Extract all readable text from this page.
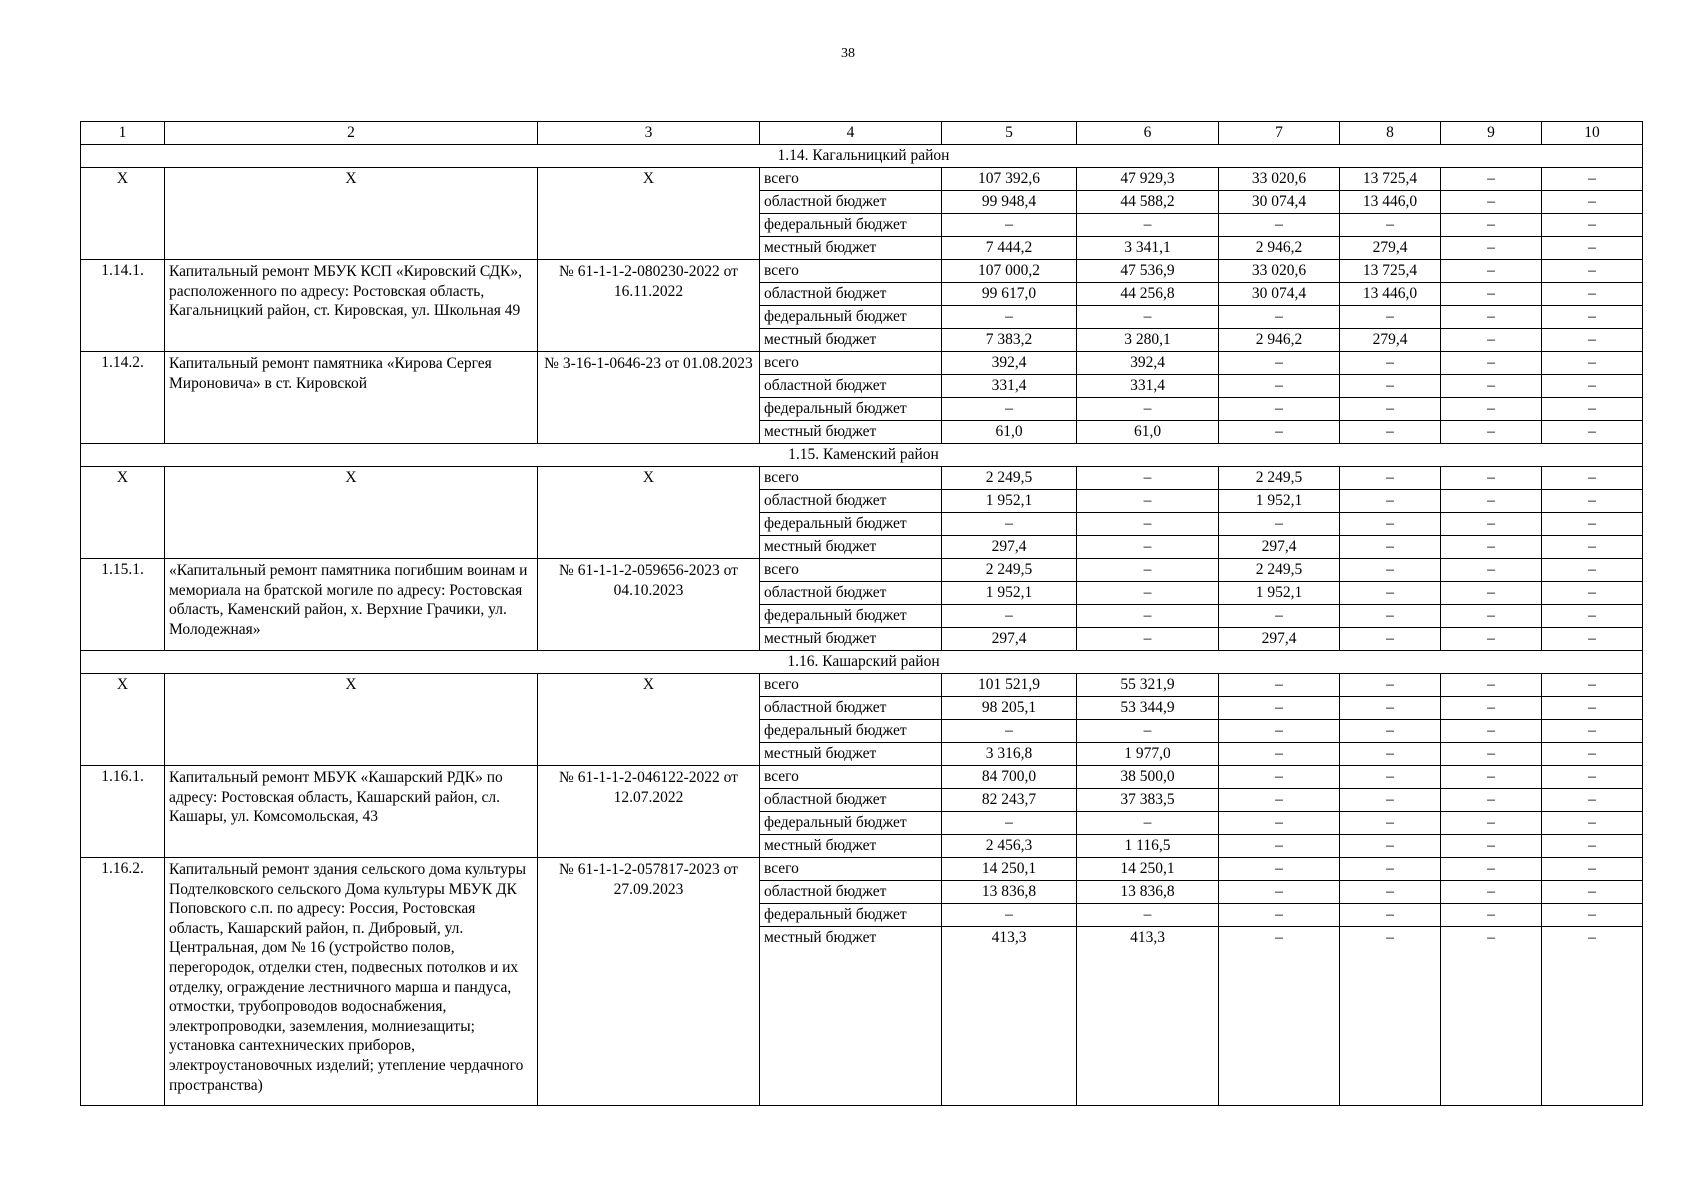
38
1	2	3	4	5	6	7	8	9	10
1.14. Кагальницкий район									
X	X	X	всего	107 392,6	47 929,3	33 020,6	13 725,4	–	–
			областной бюджет	99 948,4	44 588,2	30 074,4	13 446,0	–	–
			федеральный бюджет	–	–	–	–	–	–
			местный бюджет	7 444,2	3 341,1	2 946,2	279,4	–	–
1.14.1.	Капитальный ремонт МБУК КСП «Кировский СДК», расположенного по адресу: Ростовская область, Кагальницкий район, ст. Кировская, ул. Школьная 49	№ 61-1-1-2-080230-2022 от 16.11.2022	всего	107 000,2	47 536,9	33 020,6	13 725,4	–	–
			областной бюджет	99 617,0	44 256,8	30 074,4	13 446,0	–	–
			федеральный бюджет	–	–	–	–	–	–
			местный бюджет	7 383,2	3 280,1	2 946,2	279,4	–	–
1.14.2.	Капитальный ремонт памятника «Кирова Сергея Мироновича» в ст. Кировской	№ 3-16-1-0646-23 от 01.08.2023	всего	392,4	392,4	–	–	–	–
			областной бюджет	331,4	331,4	–	–	–	–
			федеральный бюджет	–	–	–	–	–	–
			местный бюджет	61,0	61,0	–	–	–	–
1.15. Каменский район									
X	X	X	всего	2 249,5	–	2 249,5	–	–	–
			областной бюджет	1 952,1	–	1 952,1	–	–	–
			федеральный бюджет	–	–	–	–	–	–
			местный бюджет	297,4	–	297,4	–	–	–
1.15.1.	«Капитальный ремонт памятника погибшим воинам и мемориала на братской могиле по адресу: Ростовская область, Каменский район, х. Верхние Грачики, ул. Молодежная»	№ 61-1-1-2-059656-2023 от 04.10.2023	всего	2 249,5	–	2 249,5	–	–	–
			областной бюджет	1 952,1	–	1 952,1	–	–	–
			федеральный бюджет	–	–	–	–	–	–
			местный бюджет	297,4	–	297,4	–	–	–
1.16. Кашарский район									
X	X	X	всего	101 521,9	55 321,9	–	–	–	–
			областной бюджет	98 205,1	53 344,9	–	–	–	–
			федеральный бюджет	–	–	–	–	–	–
			местный бюджет	3 316,8	1 977,0	–	–	–	–
1.16.1.	Капитальный ремонт МБУК «Кашарский РДК» по адресу: Ростовская область, Кашарский район, сл. Кашары, ул. Комсомольская, 43	№ 61-1-1-2-046122-2022 от 12.07.2022	всего	84 700,0	38 500,0	–	–	–	–
			областной бюджет	82 243,7	37 383,5	–	–	–	–
			федеральный бюджет	–	–	–	–	–	–
			местный бюджет	2 456,3	1 116,5	–	–	–	–
1.16.2.	Капитальный ремонт здания сельского дома культуры Подтелковского сельского Дома культуры МБУК ДК Поповского с.п. по адресу: Россия, Ростовская область, Кашарский район, п. Дибровый, ул. Центральная, дом № 16 (устройство полов, перегородок, отделки стен, подвесных потолков и их отделку, ограждение лестничного марша и пандуса, отмостки, трубопроводов водоснабжения, электропроводки, заземления, молниезащиты; установка сантехнических приборов, электроустановочных изделий; утепление чердачного пространства)	№ 61-1-1-2-057817-2023 от 27.09.2023	всего	14 250,1	14 250,1	–	–	–	–
			областной бюджет	13 836,8	13 836,8	–	–	–	–
			федеральный бюджет	–	–	–	–	–	–
			местный бюджет	413,3	413,3	–	–	–	–
